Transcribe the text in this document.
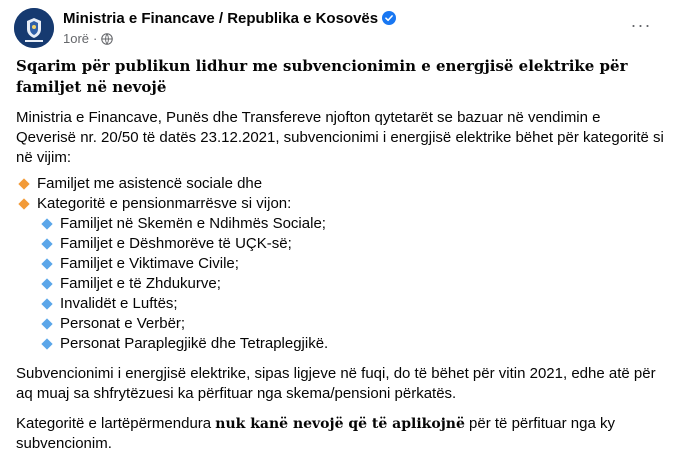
Ministria e Financave / Republika e Kosovës
1orë ·
···

Sqarim për publikun lidhur me subvencionimin e energjisë elektrike për familjet në nevojë

Ministria e Financave, Punës dhe Transfereve njofton qytetarët se bazuar në vendimin e Qeverisë nr. 20/50 të datës 23.12.2021, subvencionimi i energjisë elektrike bëhet për kategoritë si në vijim:

Familjet me asistencë sociale dhe
Kategoritë e pensionmarrësve si vijon:
Familjet në Skemën e Ndihmës Sociale;
Familjet e Dëshmorëve të UÇK-së;
Familjet e Viktimave Civile;
Familjet e të Zhdukurve;
Invalidët e Luftës;
Personat e Verbër;
Personat Paraplegjikë dhe Tetraplegjikë.

Subvencionimi i energjisë elektrike, sipas ligjeve në fuqi, do të bëhet për vitin 2021, edhe atë për aq muaj sa shfrytëzuesi ka përfituar nga skema/pensioni përkatës.

Kategoritë e lartëpërmendura nuk kanë nevojë që të aplikojnë për të përfituar nga ky subvencionim.
